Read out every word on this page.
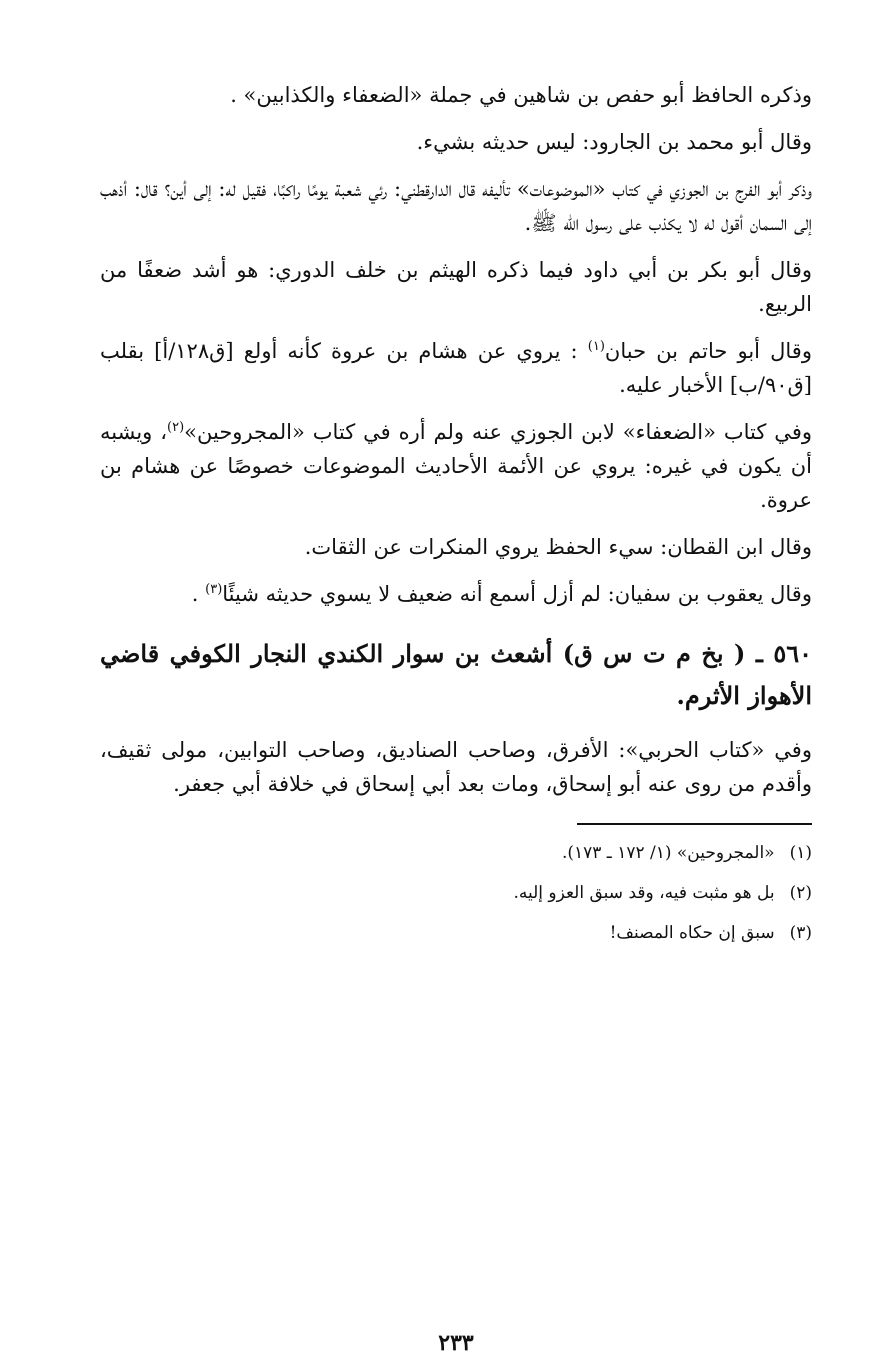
وذكره الحافظ أبو حفص بن شاهين في جملة «الضعفاء والكذابين» .

وقال أبو محمد بن الجارود: ليس حديثه بشيء.

وذكر أبو الفرج بن الجوزي في كتاب «الموضوعات» تأليفه قال الدارقطني: رئي شعبة يومًا راكبًا، فقيل له: إلى أين؟ قال: أذهب إلى السمان أقول له لا يكذب على رسول الله ﷺ.

وقال أبو بكر بن أبي داود فيما ذكره الهيثم بن خلف الدوري: هو أشد ضعفًا من الربيع.

وقال أبو حاتم بن حبان$^{(١)}$ : يروي عن هشام بن عروة كأنه أولع [ق١٢٨/أ] بقلب [ق٩٠/ب] الأخبار عليه.

وفي كتاب «الضعفاء» لابن الجوزي عنه ولم أره في كتاب «المجروحين»$^{(٢)}$، ويشبه أن يكون في غيره: يروي عن الأئمة الأحاديث الموضوعات خصوصًا عن هشام بن عروة.

وقال ابن القطان: سيء الحفظ يروي المنكرات عن الثقات.

وقال يعقوب بن سفيان: لم أزل أسمع أنه ضعيف لا يسوي حديثه شيئًا$^{(٣)}$ .

٥٦٠ ـ ( بخ م ت س ق) أشعث بن سوار الكندي النجار الكوفي قاضي الأهواز الأثرم.

وفي «كتاب الحربي»: الأفرق، وصاحب الصناديق، وصاحب التوابين، مولى ثقيف، وأقدم من روى عنه أبو إسحاق، ومات بعد أبي إسحاق في خلافة أبي جعفر.

(١) «المجروحين» (١/ ١٧٢ ـ ١٧٣).

(٢) بل هو مثبت فيه، وقد سبق العزو إليه.

(٣) سبق إن حكاه المصنف!

٢٣٣
